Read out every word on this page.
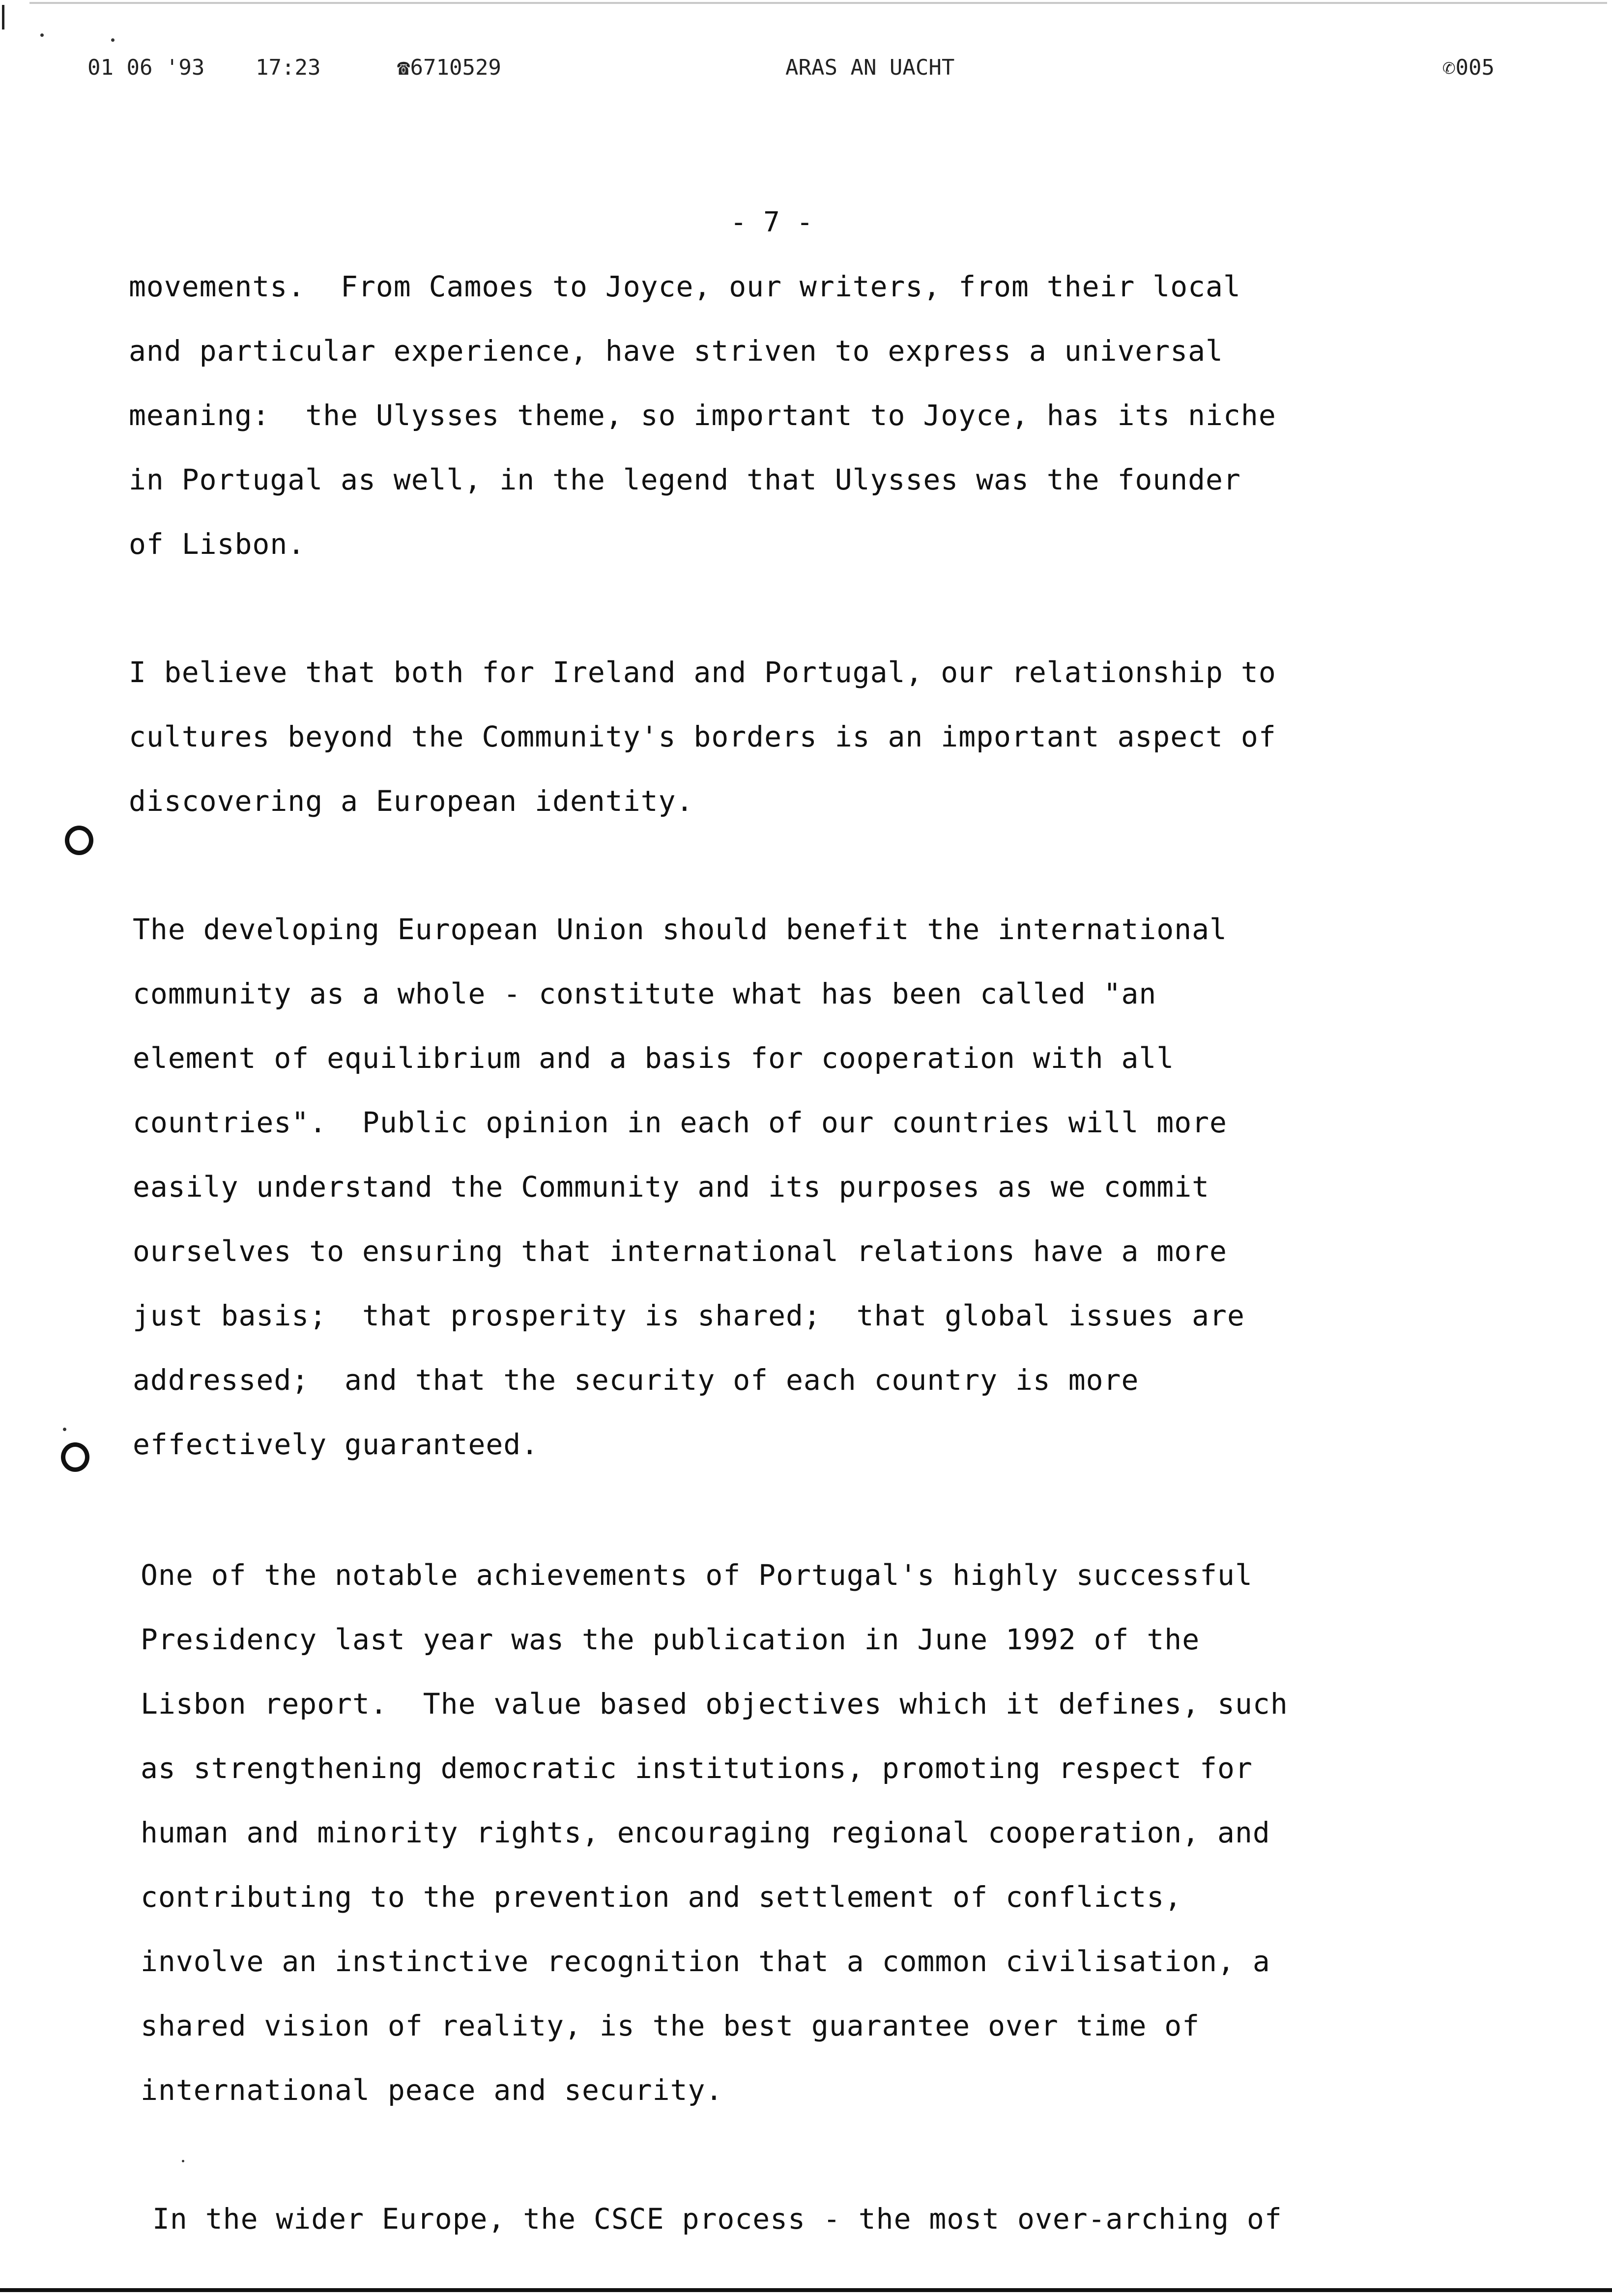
01 06 '93 17:23	☎6710529	ARAS AN UACHT	✆005
- 7 -
movements.  From Camoes to Joyce, our writers, from their local
and particular experience, have striven to express a universal
meaning:  the Ulysses theme, so important to Joyce, has its niche
in Portugal as well, in the legend that Ulysses was the founder
of Lisbon.
I believe that both for Ireland and Portugal, our relationship to
cultures beyond the Community's borders is an important aspect of
discovering a European identity.
The developing European Union should benefit the international
community as a whole - constitute what has been called "an
element of equilibrium and a basis for cooperation with all
countries".  Public opinion in each of our countries will more
easily understand the Community and its purposes as we commit
ourselves to ensuring that international relations have a more
just basis;  that prosperity is shared;  that global issues are
addressed;  and that the security of each country is more
effectively guaranteed.
One of the notable achievements of Portugal's highly successful
Presidency last year was the publication in June 1992 of the
Lisbon report.  The value based objectives which it defines, such
as strengthening democratic institutions, promoting respect for
human and minority rights, encouraging regional cooperation, and
contributing to the prevention and settlement of conflicts,
involve an instinctive recognition that a common civilisation, a
shared vision of reality, is the best guarantee over time of
international peace and security.
In the wider Europe, the CSCE process - the most over-arching of
